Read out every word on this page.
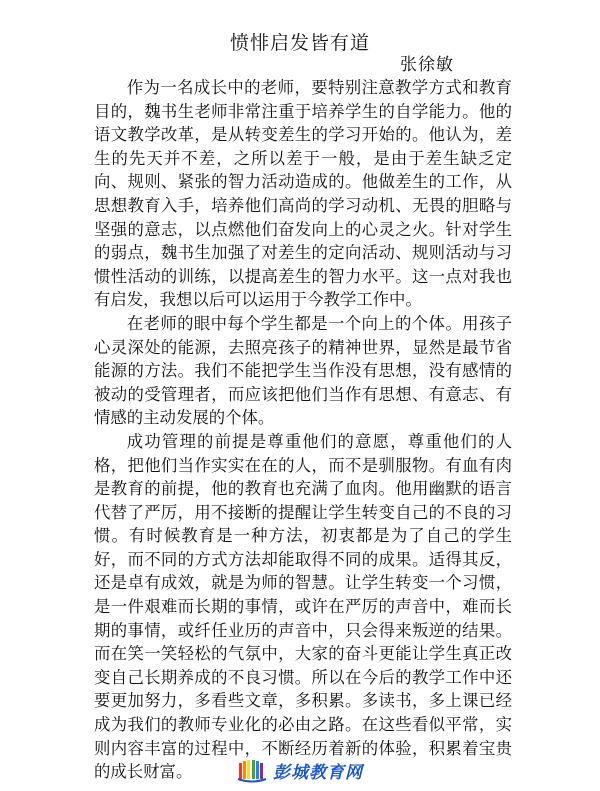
愤悱启发皆有道
张徐敏

作为一名成长中的老师，要特别注意教学方式和教育目的，魏书生老师非常注重于培养学生的自学能力。他的语文教学改革，是从转变差生的学习开始的。他认为，差生的先天并不差，之所以差于一般，是由于差生缺乏定向、规则、紧张的智力活动造成的。他做差生的工作，从思想教育入手，培养他们高尚的学习动机、无畏的胆略与坚强的意志，以点燃他们奋发向上的心灵之火。针对学生的弱点，魏书生加强了对差生的定向活动、规则活动与习惯性活动的训练，以提高差生的智力水平。这一点对我也有启发，我想以后可以运用于今教学工作中。

在老师的眼中每个学生都是一个向上的个体。用孩子心灵深处的能源，去照亮孩子的精神世界，显然是最节省能源的方法。我们不能把学生当作没有思想，没有感情的被动的受管理者，而应该把他们当作有思想、有意志、有情感的主动发展的个体。

成功管理的前提是尊重他们的意愿，尊重他们的人格，把他们当作实实在在的人，而不是驯服物。有血有肉是教育的前提，他的教育也充满了血肉。他用幽默的语言代替了严厉，用不接断的提醒让学生转变自己的不良的习惯。有时候教育是一种方法，初衷都是为了自己的学生好，而不同的方式方法却能取得不同的成果。适得其反，还是卓有成效，就是为师的智慧。让学生转变一个习惯，是一件艰难而长期的事情，或许在严厉的声音中，难而长期的事情，或纤任业历的声音中，只会得来叛逆的结果。而在笑一笑轻松的气氛中，大家的奋斗更能让学生真正改变自己长期养成的不良习惯。所以在今后的教学工作中还要更加努力，多看些文章，多积累。多读书，多上课已经成为我们的教师专业化的必由之路。在这些看似平常，实则内容丰富的过程中，不断经历着新的体验，积累着宝贵的成长财富。	彭城教育网
